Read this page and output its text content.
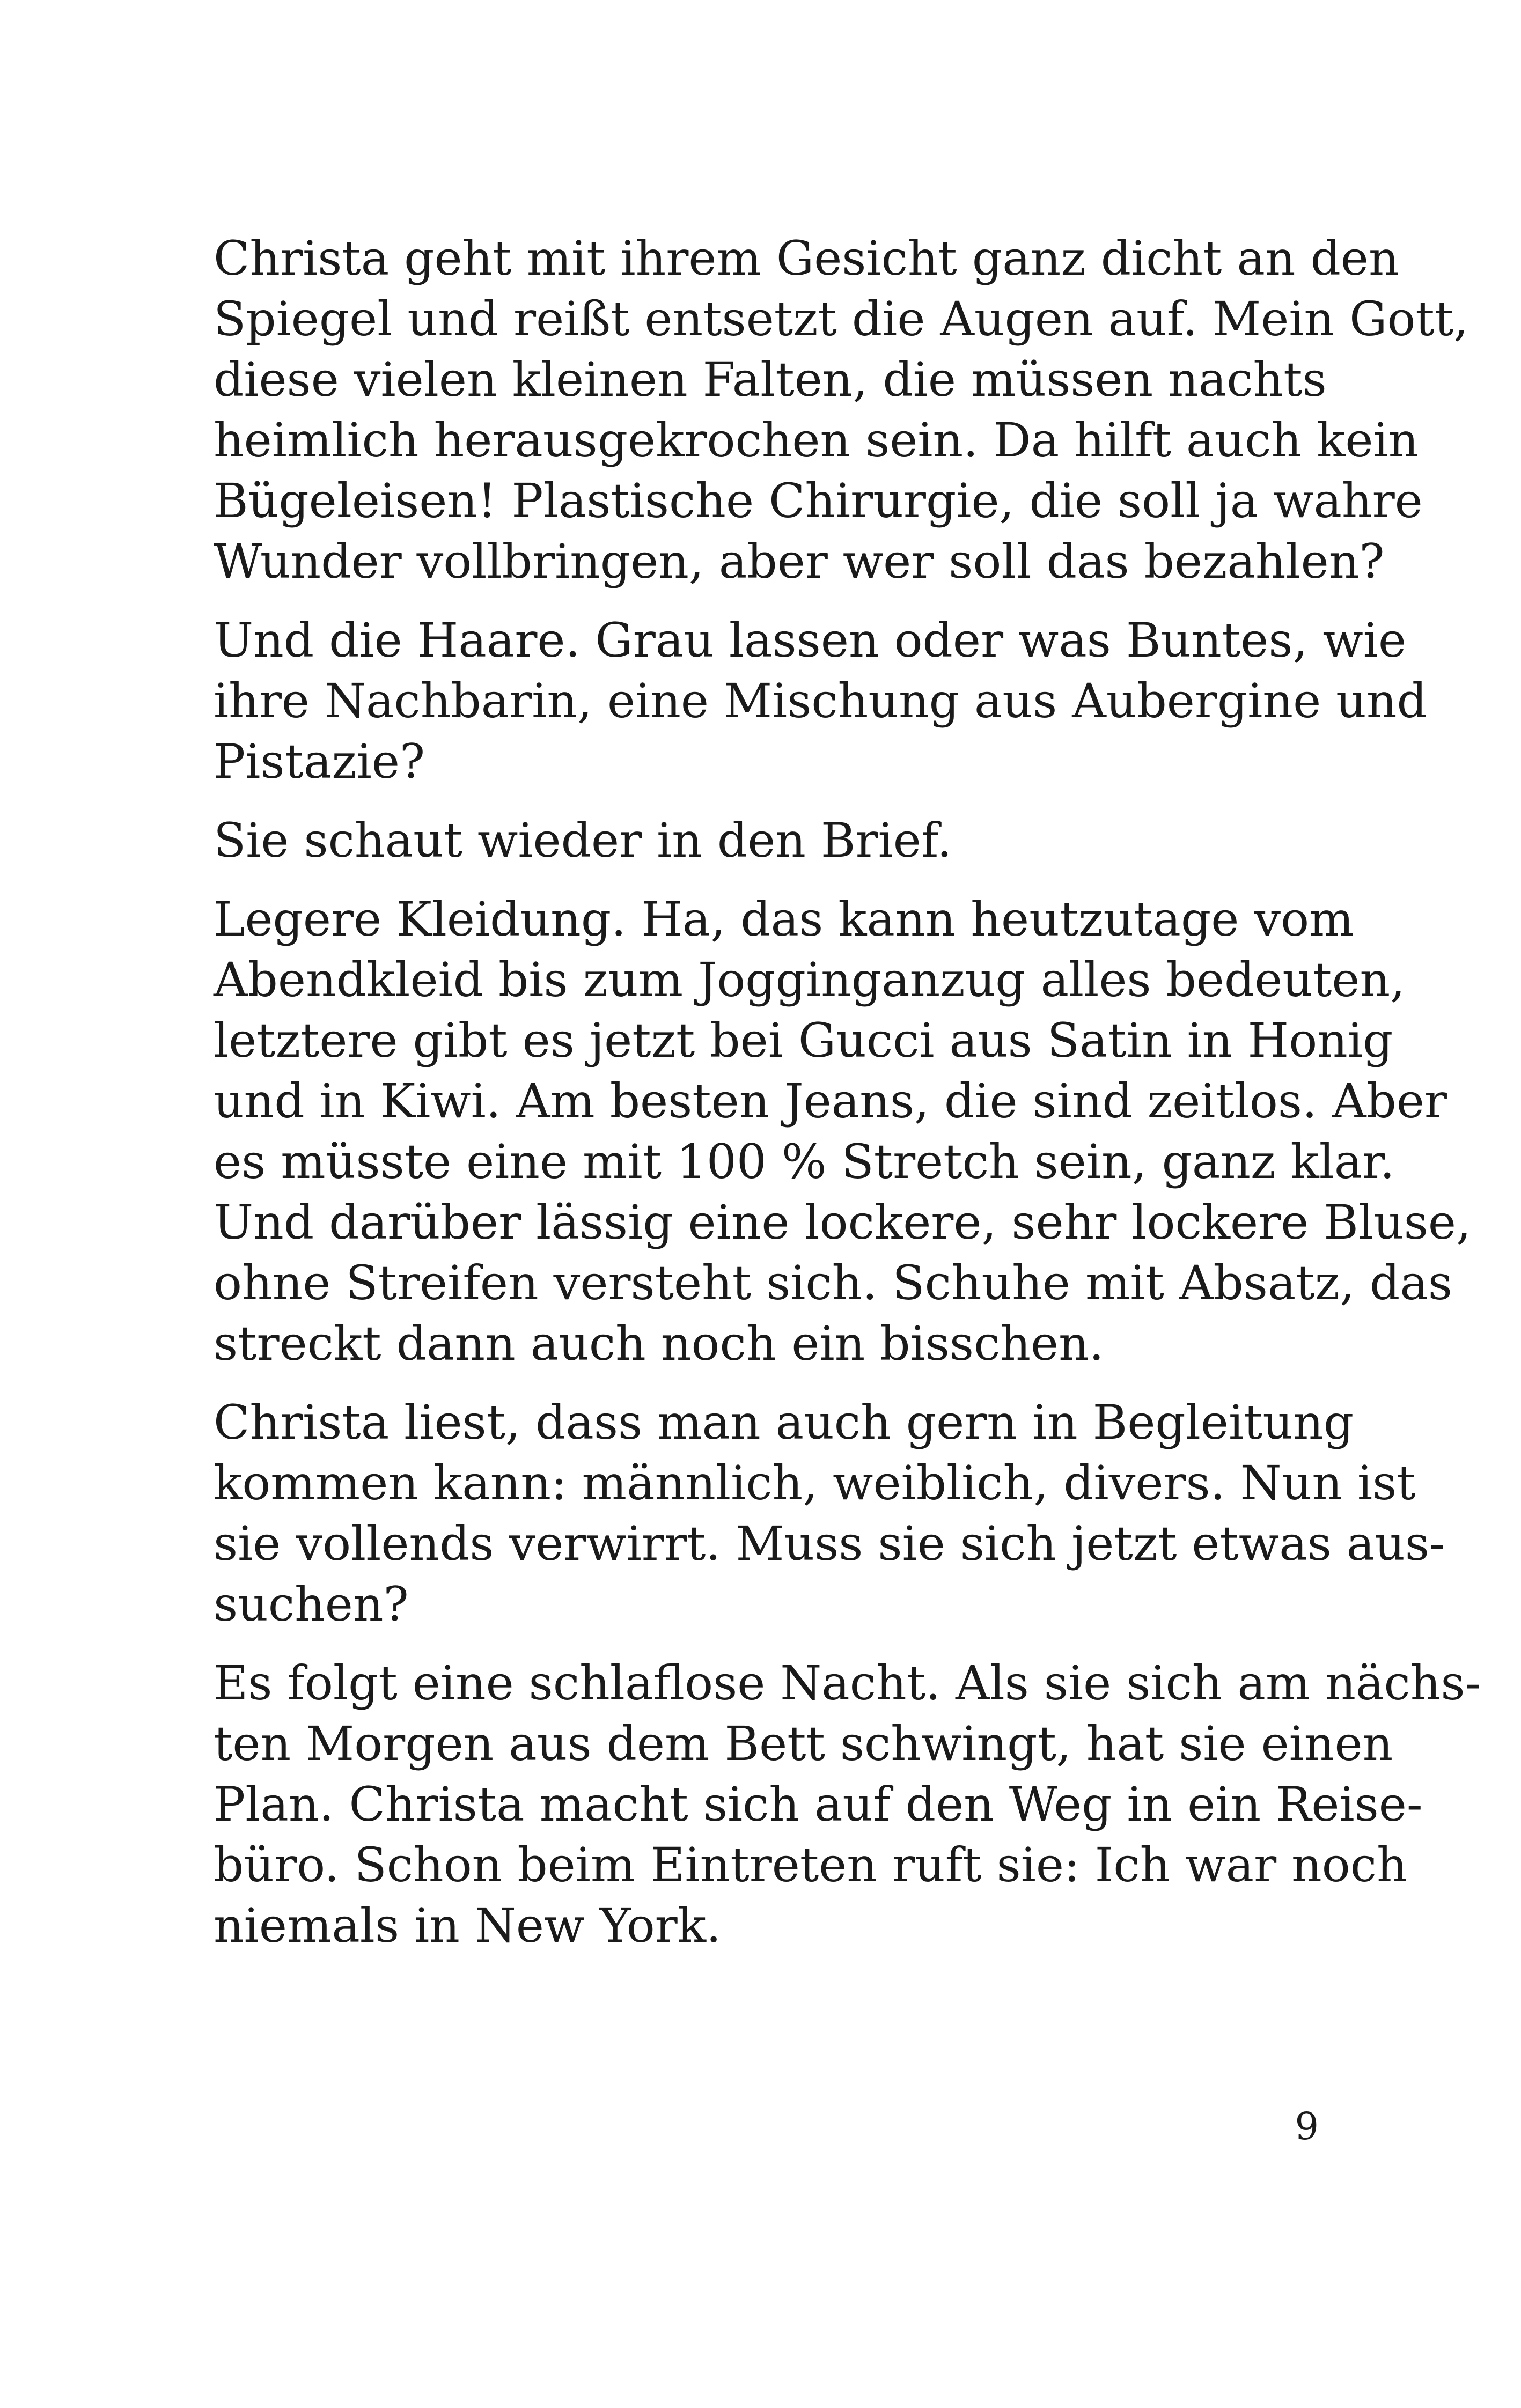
Christa geht mit ihrem Gesicht ganz dicht an den
Spiegel und reißt entsetzt die Augen auf. Mein Gott,
diese vielen kleinen Falten, die müssen nachts
heimlich herausgekrochen sein. Da hilft auch kein
Bügeleisen! Plastische Chirurgie, die soll ja wahre
Wunder vollbringen, aber wer soll das bezahlen?

Und die Haare. Grau lassen oder was Buntes, wie
ihre Nachbarin, eine Mischung aus Aubergine und
Pistazie?

Sie schaut wieder in den Brief.

Legere Kleidung. Ha, das kann heutzutage vom
Abendkleid bis zum Jogginganzug alles bedeuten,
letztere gibt es jetzt bei Gucci aus Satin in Honig
und in Kiwi. Am besten Jeans, die sind zeitlos. Aber
es müsste eine mit 100 % Stretch sein, ganz klar.
Und darüber lässig eine lockere, sehr lockere Bluse,
ohne Streifen versteht sich. Schuhe mit Absatz, das
streckt dann auch noch ein bisschen.

Christa liest, dass man auch gern in Begleitung
kommen kann: männlich, weiblich, divers. Nun ist
sie vollends verwirrt. Muss sie sich jetzt etwas aus-
suchen?

Es folgt eine schlaflose Nacht. Als sie sich am nächs-
ten Morgen aus dem Bett schwingt, hat sie einen
Plan. Christa macht sich auf den Weg in ein Reise-
büro. Schon beim Eintreten ruft sie: Ich war noch
niemals in New York.

9
